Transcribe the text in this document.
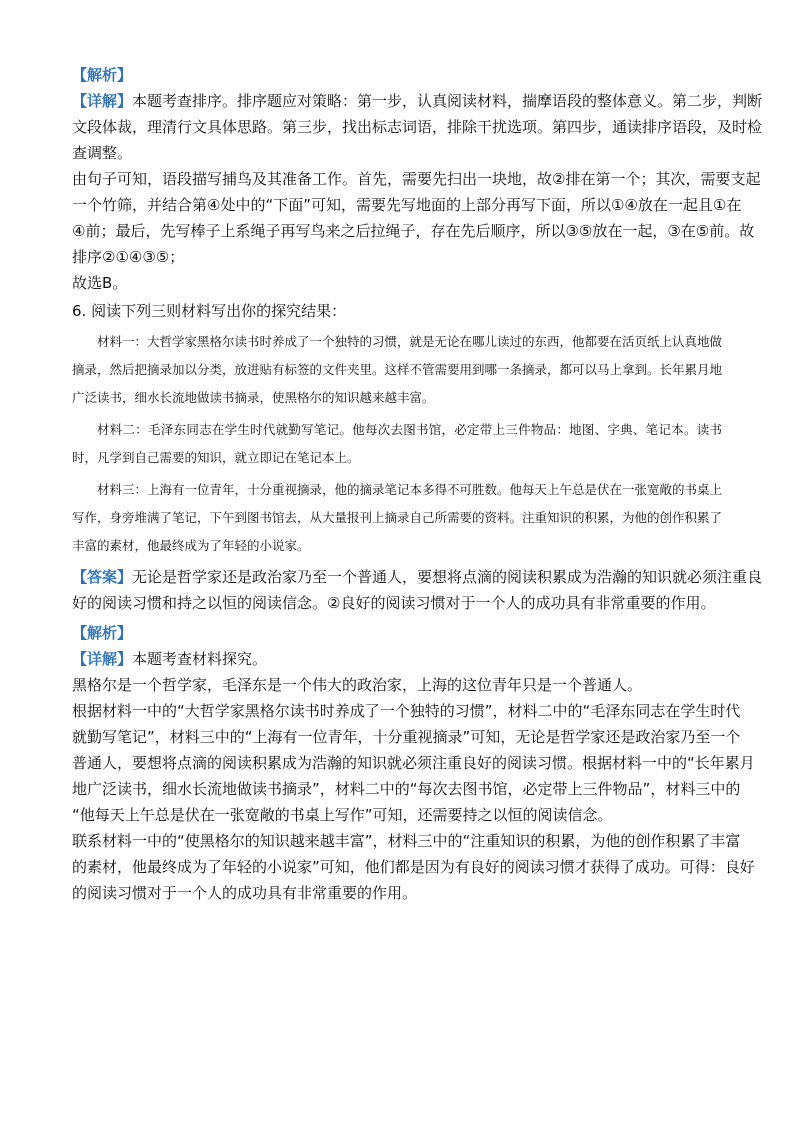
【解析】
【详解】本题考查排序。排序题应对策略：第一步，认真阅读材料，揣摩语段的整体意义。第二步，判断
文段体裁，理清行文具体思路。第三步，找出标志词语，排除干扰选项。第四步，通读排序语段，及时检
查调整。
由句子可知，语段描写捕鸟及其准备工作。首先，需要先扫出一块地，故②排在第一个；其次，需要支起
一个竹筛，并结合第④处中的“下面”可知，需要先写地面的上部分再写下面，所以①④放在一起且①在
④前；最后，先写棒子上系绳子再写鸟来之后拉绳子，存在先后顺序，所以③⑤放在一起，③在⑤前。故
排序②①④③⑤；
故选B。
6. 阅读下列三则材料写出你的探究结果：
材料一：大哲学家黑格尔读书时养成了一个独特的习惯，就是无论在哪儿读过的东西，他都要在活页纸上认真地做摘录，然后把摘录加以分类，放进贴有标签的文件夹里。这样不管需要用到哪一条摘录，都可以马上拿到。长年累月地广泛读书，细水长流地做读书摘录，使黑格尔的知识越来越丰富。
材料二：毛泽东同志在学生时代就勤写笔记。他每次去图书馆，必定带上三件物品：地图、字典、笔记本。读书时，凡学到自己需要的知识，就立即记在笔记本上。
材料三：上海有一位青年，十分重视摘录，他的摘录笔记本多得不可胜数。他每天上午总是伏在一张宽敞的书桌上写作，身旁堆满了笔记，下午到图书馆去，从大量报刊上摘录自己所需要的资料。注重知识的积累，为他的创作积累了丰富的素材，他最终成为了年轻的小说家。
【答案】无论是哲学家还是政治家乃至一个普通人，要想将点滴的阅读积累成为浩瀚的知识就必须注重良
好的阅读习惯和持之以恒的阅读信念。②良好的阅读习惯对于一个人的成功具有非常重要的作用。
【解析】
【详解】本题考查材料探究。
黑格尔是一个哲学家，毛泽东是一个伟大的政治家，上海的这位青年只是一个普通人。
根据材料一中的“大哲学家黑格尔读书时养成了一个独特的习惯”，材料二中的“毛泽东同志在学生时代
就勤写笔记”，材料三中的“上海有一位青年，十分重视摘录”可知，无论是哲学家还是政治家乃至一个
普通人，要想将点滴的阅读积累成为浩瀚的知识就必须注重良好的阅读习惯。根据材料一中的“长年累月
地广泛读书，细水长流地做读书摘录”，材料二中的“每次去图书馆，必定带上三件物品”，材料三中的
“他每天上午总是伏在一张宽敞的书桌上写作”可知，还需要持之以恒的阅读信念。
联系材料一中的“使黑格尔的知识越来越丰富”，材料三中的“注重知识的积累，为他的创作积累了丰富
的素材，他最终成为了年轻的小说家”可知，他们都是因为有良好的阅读习惯才获得了成功。可得：良好
的阅读习惯对于一个人的成功具有非常重要的作用。
